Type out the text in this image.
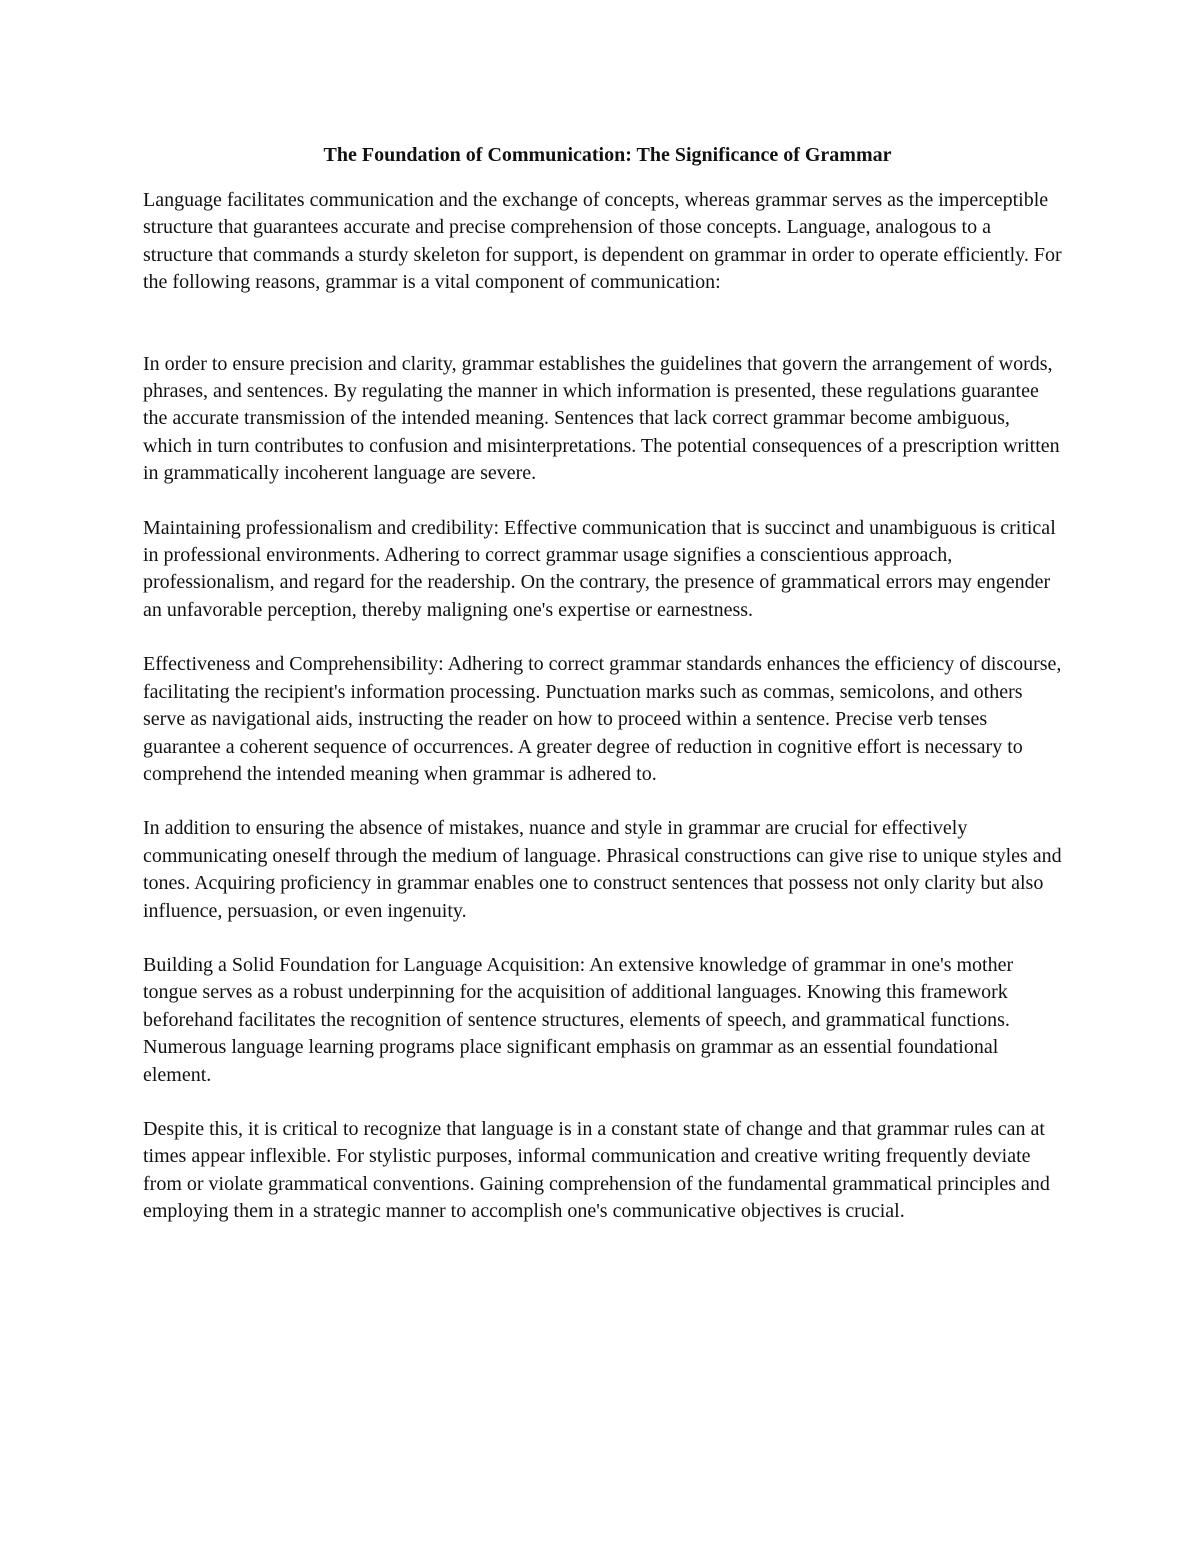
The Foundation of Communication: The Significance of Grammar

Language facilitates communication and the exchange of concepts, whereas grammar serves as the imperceptible structure that guarantees accurate and precise comprehension of those concepts. Language, analogous to a structure that commands a sturdy skeleton for support, is dependent on grammar in order to operate efficiently. For the following reasons, grammar is a vital component of communication:

In order to ensure precision and clarity, grammar establishes the guidelines that govern the arrangement of words, phrases, and sentences. By regulating the manner in which information is presented, these regulations guarantee the accurate transmission of the intended meaning. Sentences that lack correct grammar become ambiguous, which in turn contributes to confusion and misinterpretations. The potential consequences of a prescription written in grammatically incoherent language are severe.

Maintaining professionalism and credibility: Effective communication that is succinct and unambiguous is critical in professional environments. Adhering to correct grammar usage signifies a conscientious approach, professionalism, and regard for the readership. On the contrary, the presence of grammatical errors may engender an unfavorable perception, thereby maligning one's expertise or earnestness.

Effectiveness and Comprehensibility: Adhering to correct grammar standards enhances the efficiency of discourse, facilitating the recipient's information processing. Punctuation marks such as commas, semicolons, and others serve as navigational aids, instructing the reader on how to proceed within a sentence. Precise verb tenses guarantee a coherent sequence of occurrences. A greater degree of reduction in cognitive effort is necessary to comprehend the intended meaning when grammar is adhered to.

In addition to ensuring the absence of mistakes, nuance and style in grammar are crucial for effectively communicating oneself through the medium of language. Phrasical constructions can give rise to unique styles and tones. Acquiring proficiency in grammar enables one to construct sentences that possess not only clarity but also influence, persuasion, or even ingenuity.

Building a Solid Foundation for Language Acquisition: An extensive knowledge of grammar in one's mother tongue serves as a robust underpinning for the acquisition of additional languages. Knowing this framework beforehand facilitates the recognition of sentence structures, elements of speech, and grammatical functions. Numerous language learning programs place significant emphasis on grammar as an essential foundational element.

Despite this, it is critical to recognize that language is in a constant state of change and that grammar rules can at times appear inflexible. For stylistic purposes, informal communication and creative writing frequently deviate from or violate grammatical conventions. Gaining comprehension of the fundamental grammatical principles and employing them in a strategic manner to accomplish one's communicative objectives is crucial.
